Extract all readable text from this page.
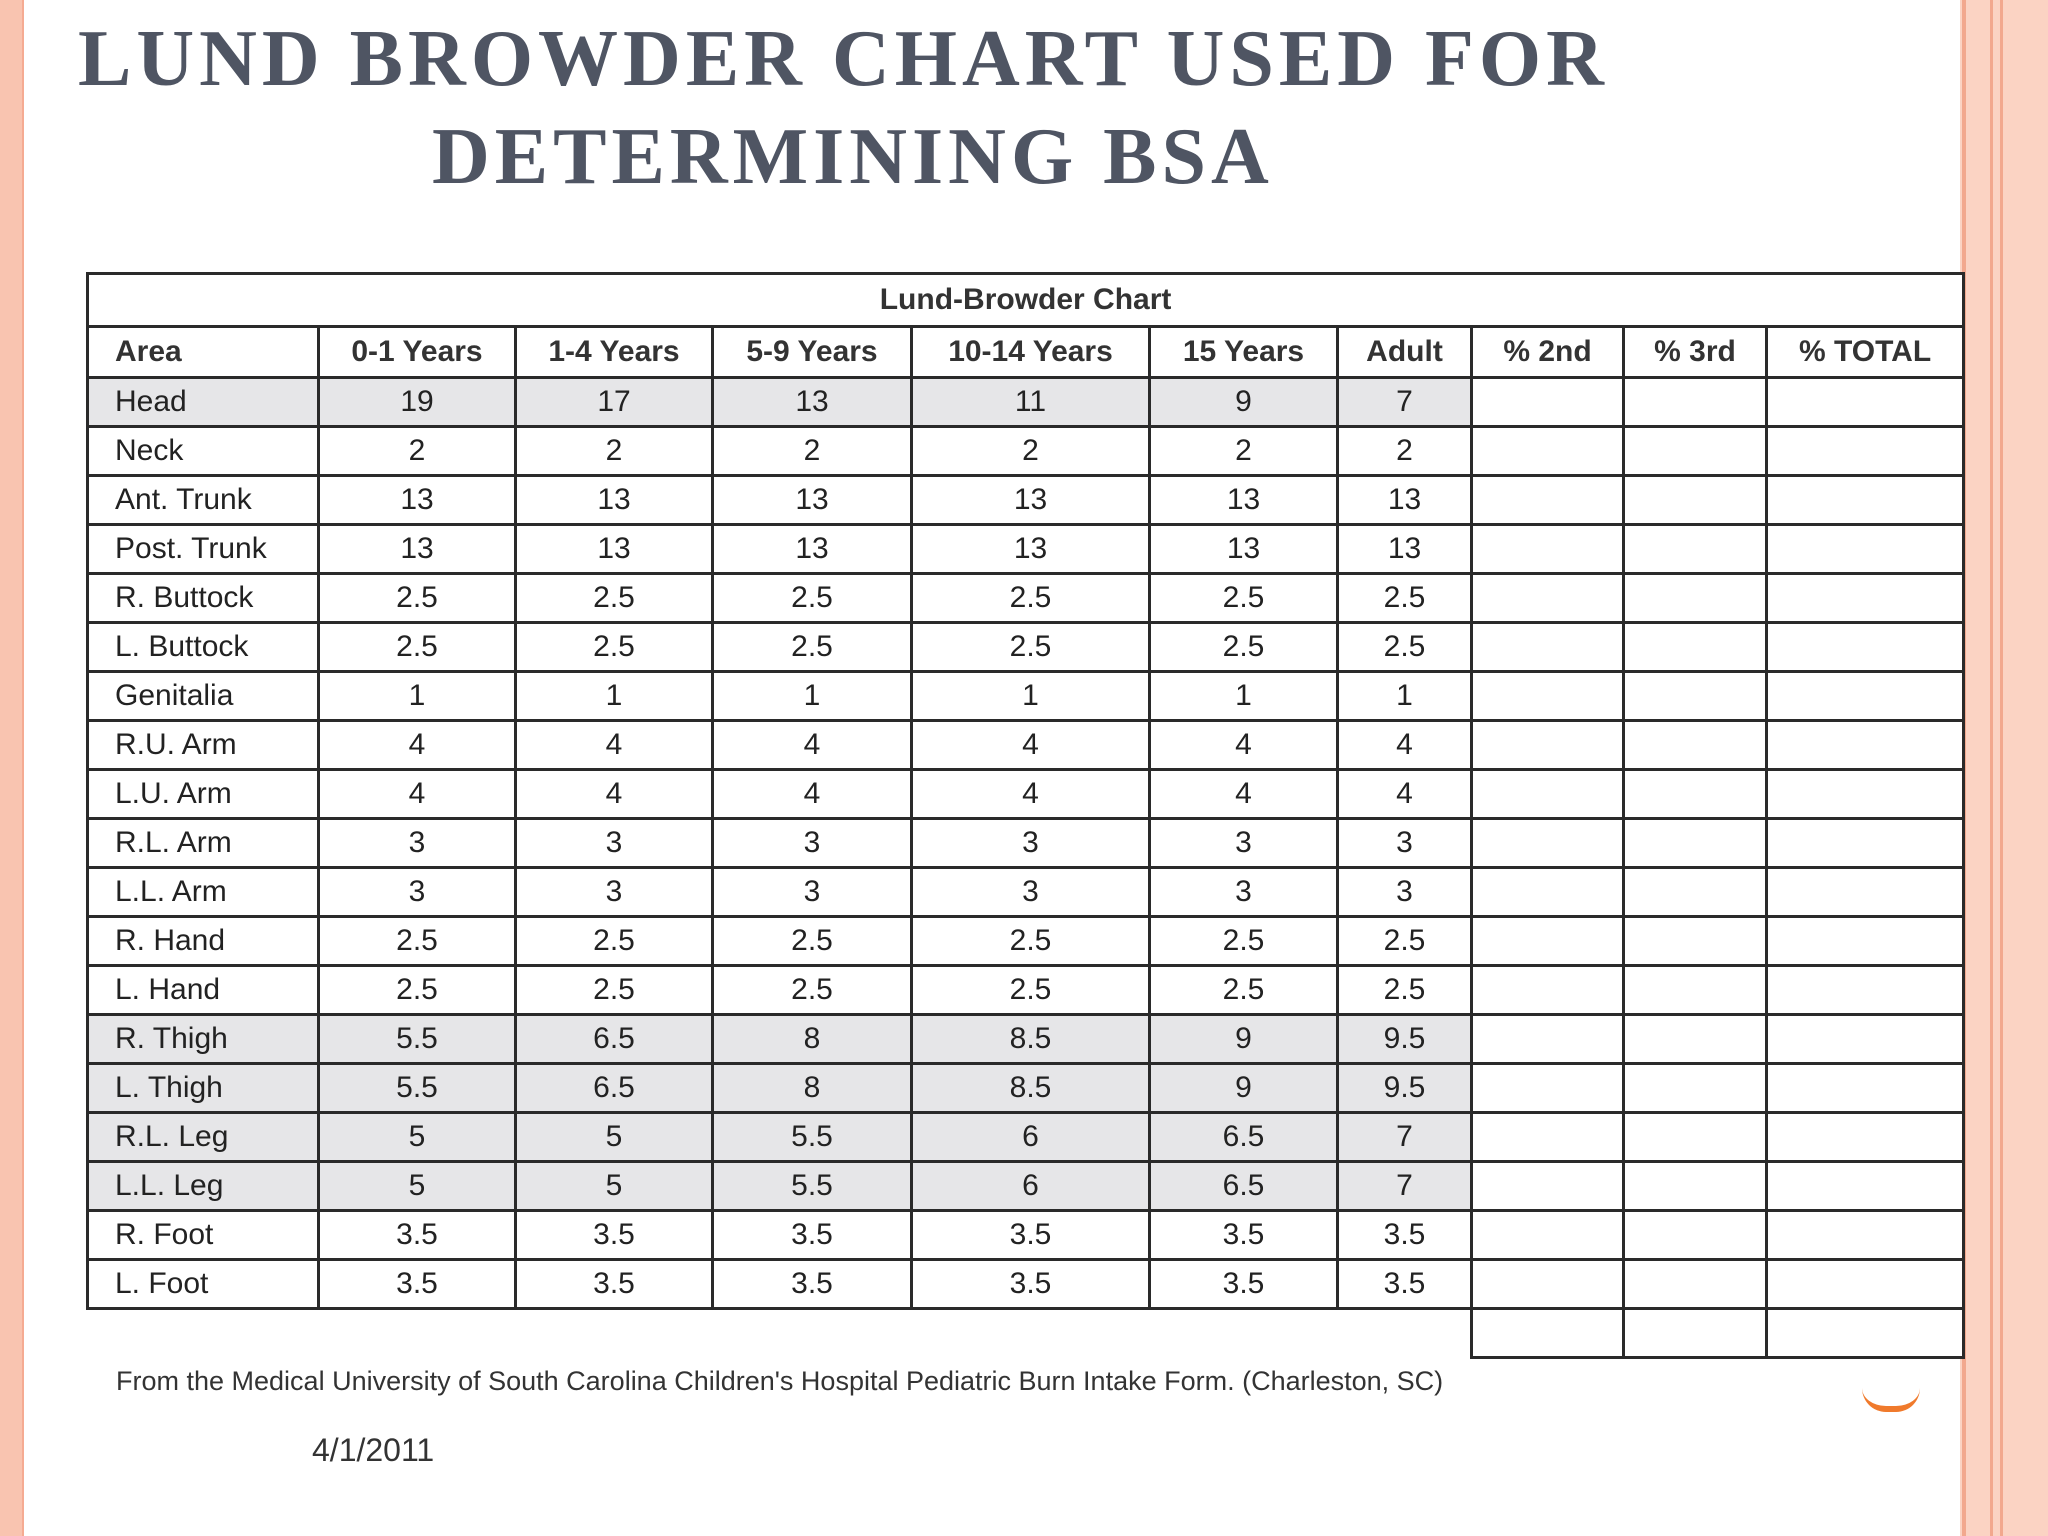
LUND BROWDER CHART USED FOR
DETERMINING BSA
Lund-Browder Chart									
Area	0-1 Years	1-4 Years	5-9 Years	10-14 Years	15 Years	Adult	% 2nd	% 3rd	% TOTAL
Head	19	17	13	11	9	7			
Neck	2	2	2	2	2	2			
Ant. Trunk	13	13	13	13	13	13			
Post. Trunk	13	13	13	13	13	13			
R. Buttock	2.5	2.5	2.5	2.5	2.5	2.5			
L. Buttock	2.5	2.5	2.5	2.5	2.5	2.5			
Genitalia	1	1	1	1	1	1			
R.U. Arm	4	4	4	4	4	4			
L.U. Arm	4	4	4	4	4	4			
R.L. Arm	3	3	3	3	3	3			
L.L. Arm	3	3	3	3	3	3			
R. Hand	2.5	2.5	2.5	2.5	2.5	2.5			
L. Hand	2.5	2.5	2.5	2.5	2.5	2.5			
R. Thigh	5.5	6.5	8	8.5	9	9.5			
L. Thigh	5.5	6.5	8	8.5	9	9.5			
R.L. Leg	5	5	5.5	6	6.5	7			
L.L. Leg	5	5	5.5	6	6.5	7			
R. Foot	3.5	3.5	3.5	3.5	3.5	3.5			
L. Foot	3.5	3.5	3.5	3.5	3.5	3.5			

From the Medical University of South Carolina Children's Hospital Pediatric Burn Intake Form. (Charleston, SC)
4/1/2011
